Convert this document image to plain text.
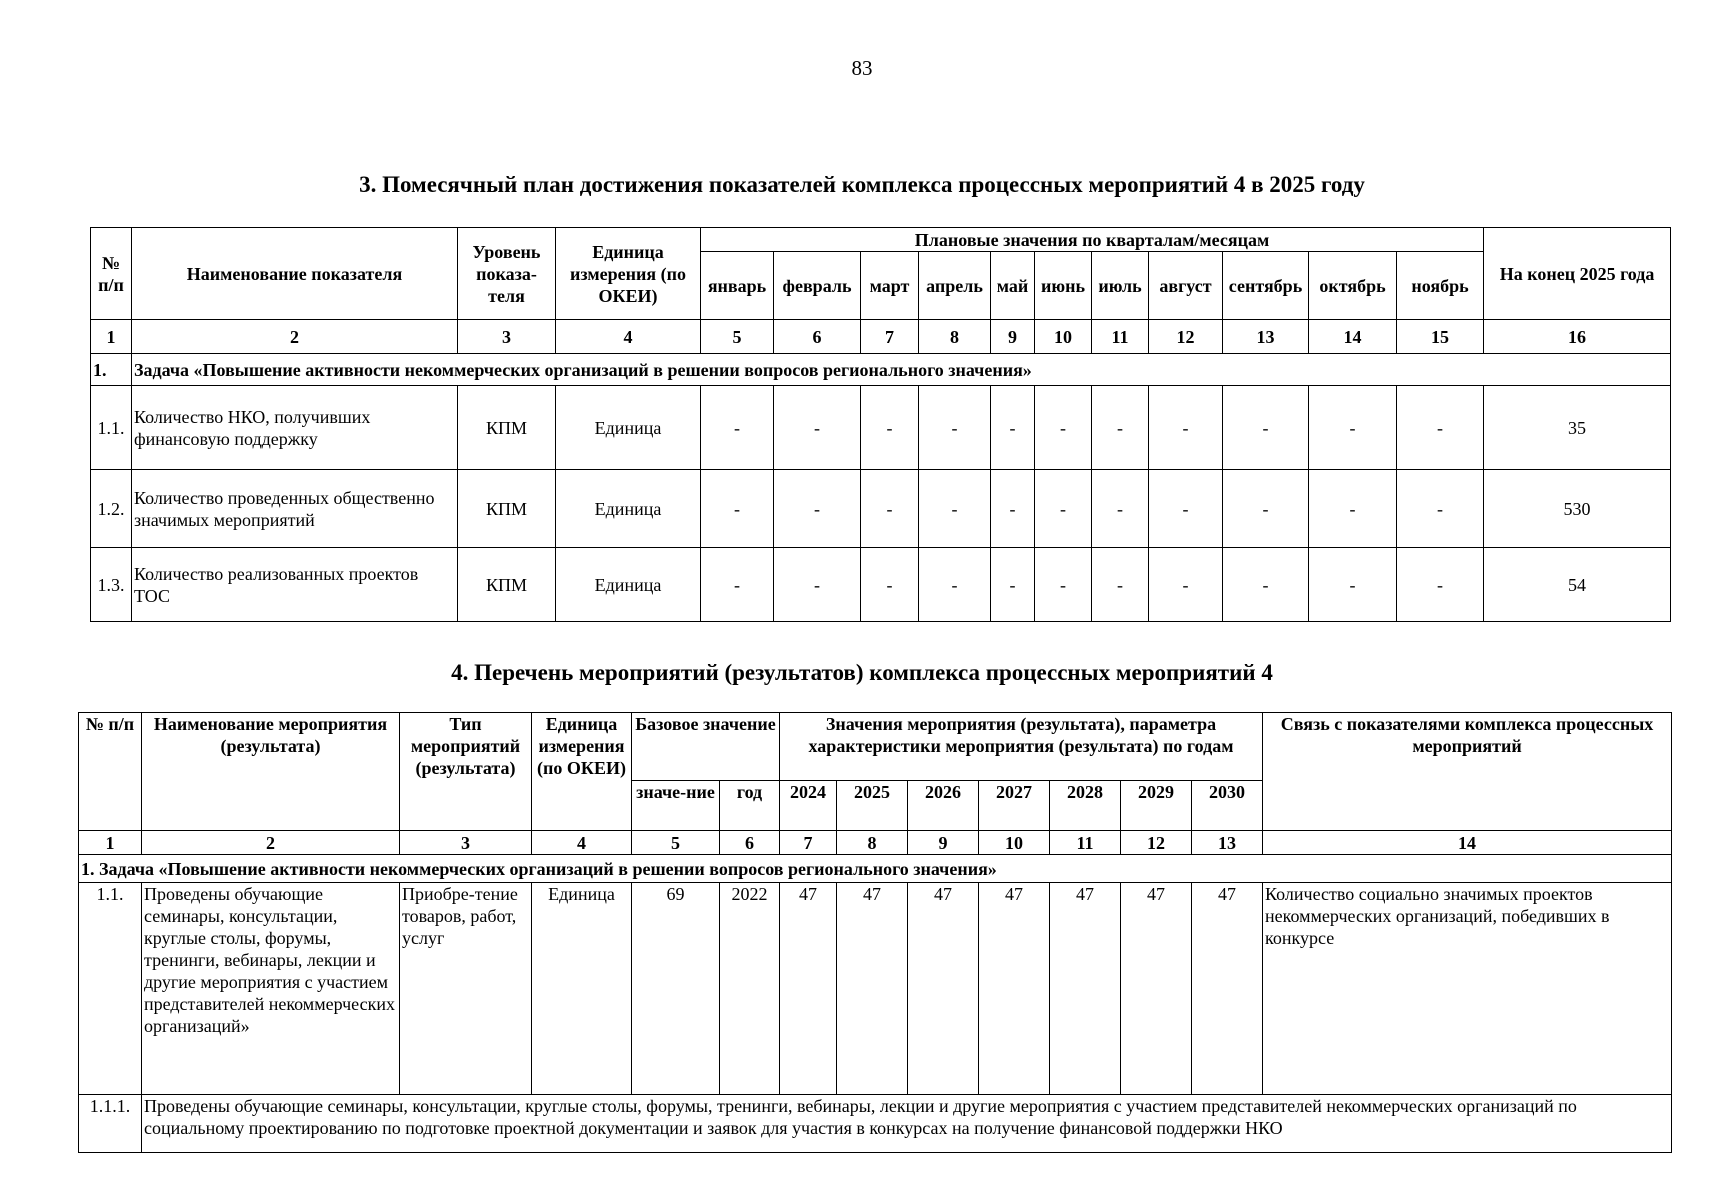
83
3. Помесячный план достижения показателей комплекса процессных мероприятий 4 в 2025 году
№ п/п	Наименование показателя	Уровень показа-теля	Единица измерения (по ОКЕИ)	Плановые значения по кварталам/месяцам											На конец 2025 года
				январь	февраль	март	апрель	май	июнь	июль	август	сентябрь	октябрь	ноябрь	
1	2	3	4	5	6	7	8	9	10	11	12	13	14	15	16
1.	Задача «Повышение активности некоммерческих организаций в решении вопросов регионального значения»														
1.1.	Количество НКО, получивших финансовую поддержку	КПМ	Единица	-	-	-	-	-	-	-	-	-	-	-	35
1.2.	Количество проведенных общественно значимых мероприятий	КПМ	Единица	-	-	-	-	-	-	-	-	-	-	-	530
1.3.	Количество реализованных проектов ТОС	КПМ	Единица	-	-	-	-	-	-	-	-	-	-	-	54
4. Перечень мероприятий (результатов) комплекса процессных мероприятий 4
№ п/п	Наименование мероприятия (результата)	Тип мероприятий (результата)	Единица измерения (по ОКЕИ)	Базовое значение		Значения мероприятия (результата), параметра характеристики мероприятия (результата) по годам							Связь с показателями комплекса процессных мероприятий
				значе-ние	год	2024	2025	2026	2027	2028	2029	2030	
1	2	3	4	5	6	7	8	9	10	11	12	13	14
1. Задача «Повышение активности некоммерческих организаций в решении вопросов регионального значения»													
1.1.	Проведены обучающие семинары, консультации, круглые столы, форумы, тренинги, вебинары, лекции и другие мероприятия с участием представителей некоммерческих организаций»	Приобре-тение товаров, работ, услуг	Единица	69	2022	47	47	47	47	47	47	47	Количество социально значимых проектов некоммерческих организаций, победивших в конкурсе
1.1.1.	Проведены обучающие семинары, консультации, круглые столы, форумы, тренинги, вебинары, лекции и другие мероприятия с участием представителей некоммерческих организаций по социальному проектированию по подготовке проектной документации и заявок для участия в конкурсах на получение финансовой поддержки НКО												
